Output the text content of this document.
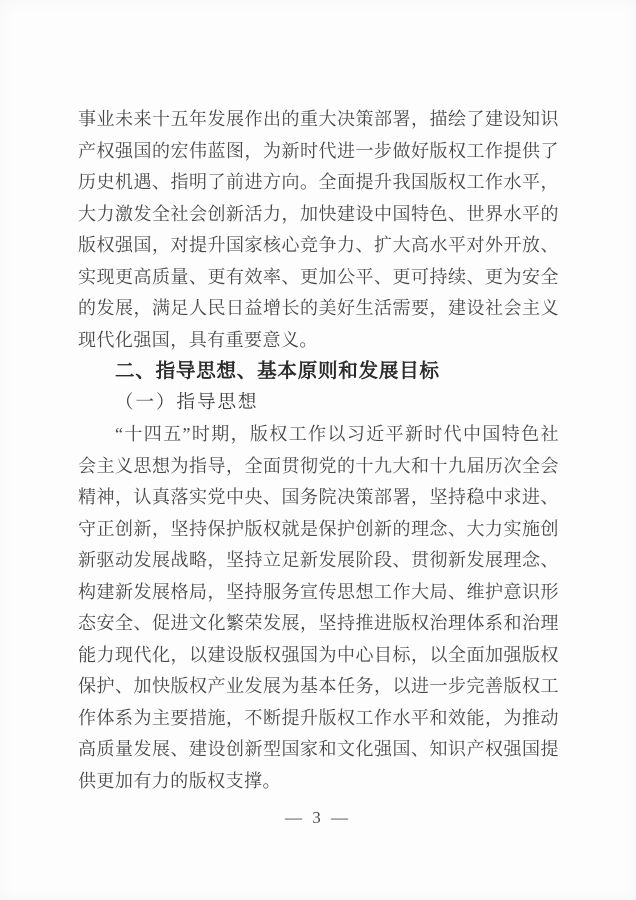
事业未来十五年发展作出的重大决策部署，描绘了建设知识
产权强国的宏伟蓝图，为新时代进一步做好版权工作提供了
历史机遇、指明了前进方向。全面提升我国版权工作水平，
大力激发全社会创新活力，加快建设中国特色、世界水平的
版权强国，对提升国家核心竞争力、扩大高水平对外开放、
实现更高质量、更有效率、更加公平、更可持续、更为安全
的发展，满足人民日益增长的美好生活需要，建设社会主义
现代化强国，具有重要意义。
二、指导思想、基本原则和发展目标
（一）指导思想
“十四五”时期，版权工作以习近平新时代中国特色社
会主义思想为指导，全面贯彻党的十九大和十九届历次全会
精神，认真落实党中央、国务院决策部署，坚持稳中求进、
守正创新，坚持保护版权就是保护创新的理念、大力实施创
新驱动发展战略，坚持立足新发展阶段、贯彻新发展理念、
构建新发展格局，坚持服务宣传思想工作大局、维护意识形
态安全、促进文化繁荣发展，坚持推进版权治理体系和治理
能力现代化，以建设版权强国为中心目标，以全面加强版权
保护、加快版权产业发展为基本任务，以进一步完善版权工
作体系为主要措施，不断提升版权工作水平和效能，为推动
高质量发展、建设创新型国家和文化强国、知识产权强国提
供更加有力的版权支撑。
— 3 —
